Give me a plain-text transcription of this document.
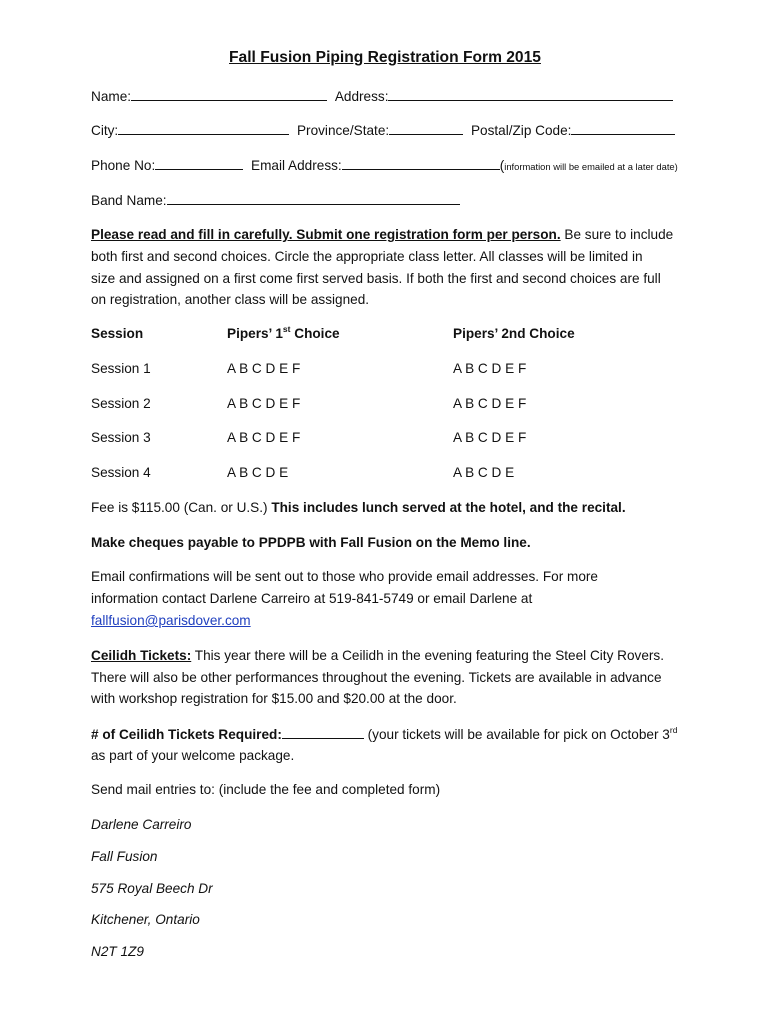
Fall Fusion Piping Registration Form 2015
Name:	Address:
City:	Province/State:	Postal/Zip Code:
Phone No:	Email Address:	(information will be emailed at a later date)
Band Name:
Please read and fill in carefully. Submit one registration form per person. Be sure to include
both first and second choices. Circle the appropriate class letter. All classes will be limited in
size and assigned on a first come first served basis. If both the first and second choices are full
on registration, another class will be assigned.
Session	Pipers’ 1st Choice	Pipers’ 2nd Choice
Session 1	A B C D E F	A B C D E F
Session 2	A B C D E F	A B C D E F
Session 3	A B C D E F	A B C D E F
Session 4	A B C D E	A B C D E
Fee is $115.00 (Can. or U.S.) This includes lunch served at the hotel, and the recital.
Make cheques payable to PPDPB with Fall Fusion on the Memo line.
Email confirmations will be sent out to those who provide email addresses. For more
information contact Darlene Carreiro at 519-841-5749 or email Darlene at
fallfusion@parisdover.com
Ceilidh Tickets: This year there will be a Ceilidh in the evening featuring the Steel City Rovers.
There will also be other performances throughout the evening. Tickets are available in advance
with workshop registration for $15.00 and $20.00 at the door.
# of Ceilidh Tickets Required:	(your tickets will be available for pick on October 3rd
as part of your welcome package.
Send mail entries to: (include the fee and completed form)
Darlene Carreiro
Fall Fusion
575 Royal Beech Dr
Kitchener, Ontario
N2T 1Z9
